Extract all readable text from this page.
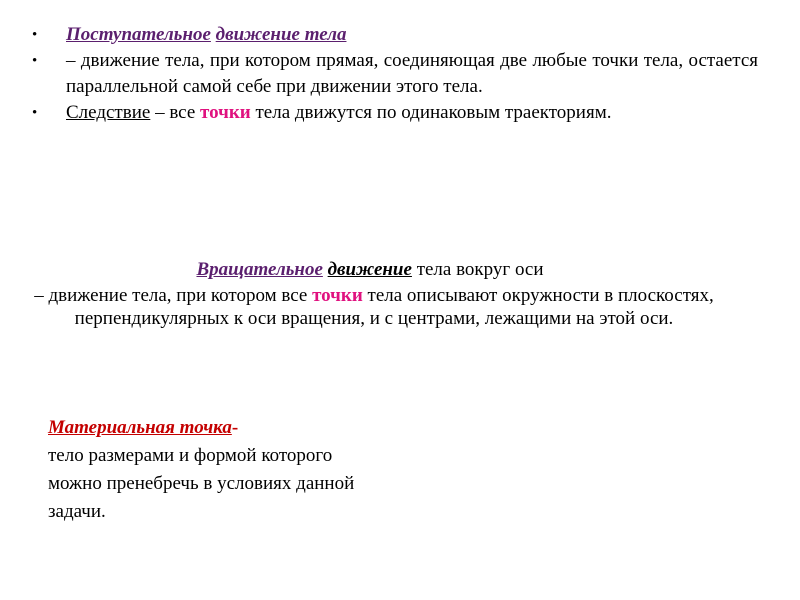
•	Поступательное движение тела
•	– движение тела, при котором прямая, соединяющая две любые точки тела, остается параллельной самой себе при движении этого тела.
•	Следствие – все точки тела движутся по одинаковым траекториям.
Вращательное движение тела вокруг оси
– движение тела, при котором все точки тела описывают окружности в плоскостях, перпендикулярных к оси вращения, и с центрами, лежащими на этой оси.
Материальная точка-
тело размерами и формой которого
можно пренебречь в условиях данной
задачи.
